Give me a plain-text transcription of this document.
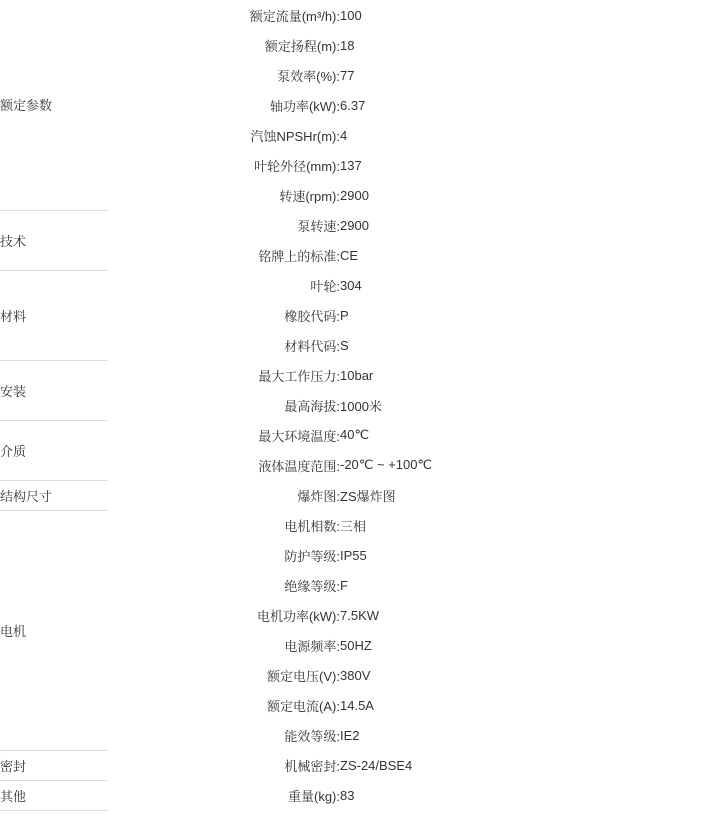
额定参数	额定流量(m³/h):	100
	额定扬程(m):	18
	泵效率(%):	77
	轴功率(kW):	6.37
	汽蚀NPSHr(m):	4
	叶轮外径(mm):	137
	转速(rpm):	2900
技术	泵转速:	2900
	铭牌上的标准:	CE
材料	叶轮:	304
	橡胶代码:	P
	材料代码:	S
安装	最大工作压力:	10bar
	最高海拔:	1000米
介质	最大环境温度:	40℃
	液体温度范围:	-20℃ ~ +100℃
结构尺寸	爆炸图:	ZS爆炸图
电机	电机相数:	三相
	防护等级:	IP55
	绝缘等级:	F
	电机功率(kW):	7.5KW
	电源频率:	50HZ
	额定电压(V):	380V
	额定电流(A):	14.5A
	能效等级:	IE2
密封	机械密封:	ZS-24/BSE4
其他	重量(kg):	83
